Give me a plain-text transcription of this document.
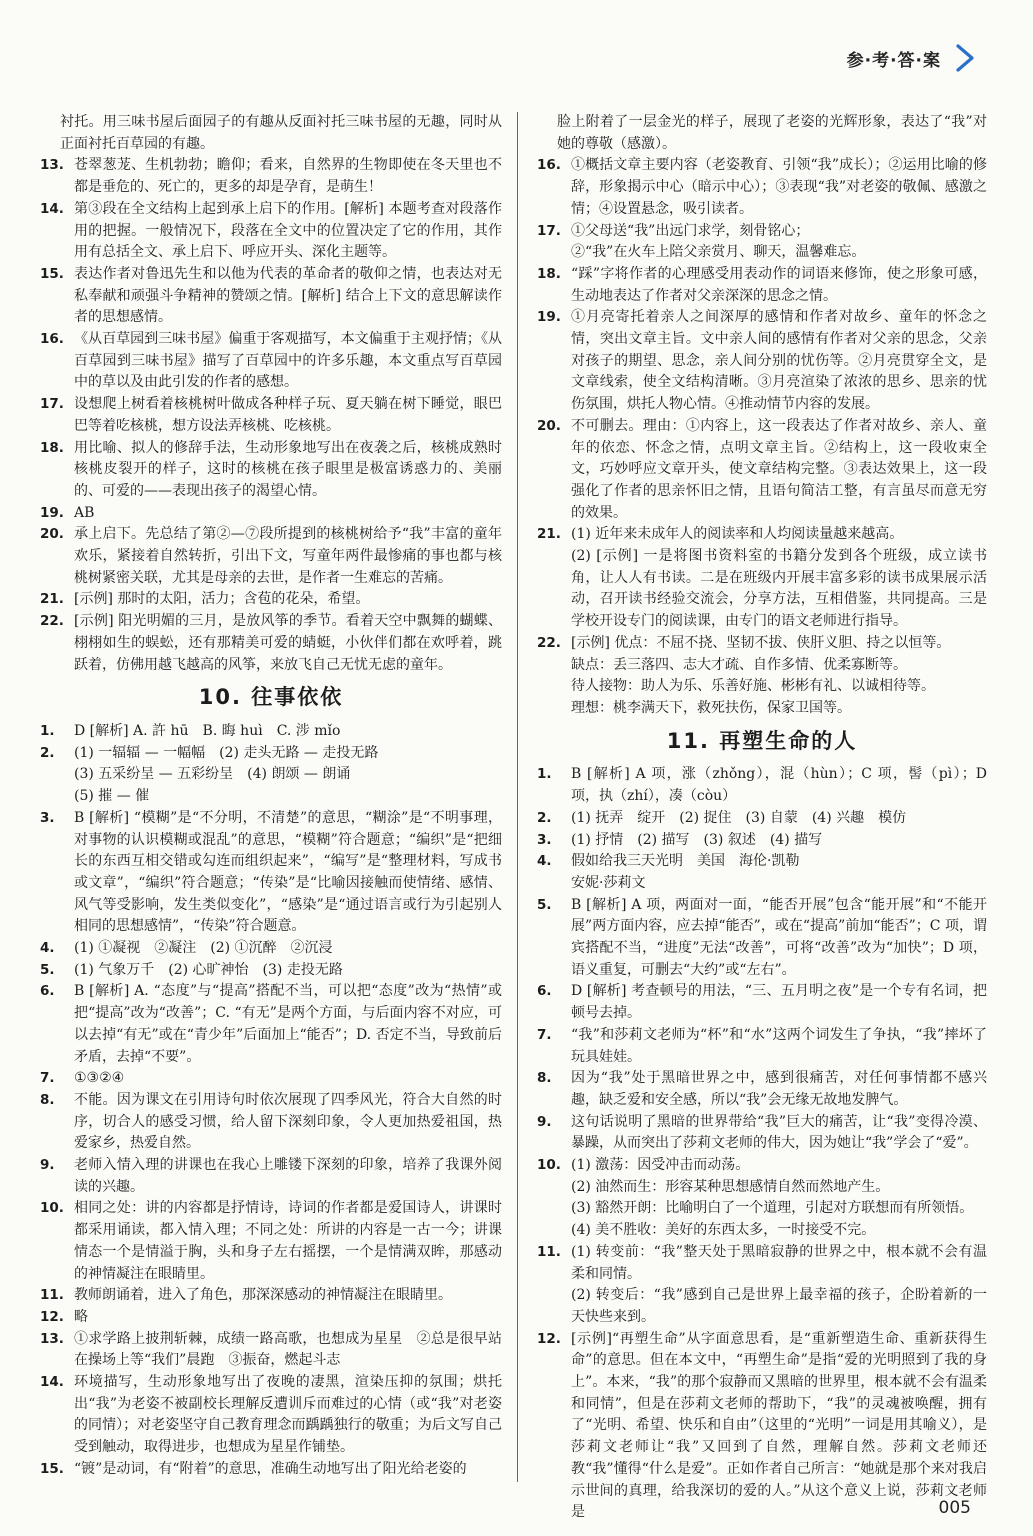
参·考·答·案
衬托。用三味书屋后面园子的有趣从反面衬托三味书屋的无趣，同时从正面衬托百草园的有趣。
13. 苍翠葱茏、生机勃勃；瞻仰；看来，自然界的生物即使在冬天里也不都是垂危的、死亡的，更多的却是孕育，是萌生！
14. 第③段在全文结构上起到承上启下的作用。[解析] 本题考查对段落作用的把握。一般情况下，段落在全文中的位置决定了它的作用，其作用有总括全文、承上启下、呼应开头、深化主题等。
15. 表达作者对鲁迅先生和以他为代表的革命者的敬仰之情，也表达对无私奉献和顽强斗争精神的赞颂之情。[解析] 结合上下文的意思解读作者的思想感情。
16. 《从百草园到三味书屋》偏重于客观描写，本文偏重于主观抒情；《从百草园到三味书屋》描写了百草园中的许多乐趣，本文重点写百草园中的草以及由此引发的作者的感想。
17. 设想爬上树看着核桃树叶做成各种样子玩、夏天躺在树下睡觉，眼巴巴等着吃核桃，想方设法弄核桃、吃核桃。
18. 用比喻、拟人的修辞手法，生动形象地写出在夜袭之后，核桃成熟时核桃皮裂开的样子，这时的核桃在孩子眼里是极富诱惑力的、美丽的、可爱的——表现出孩子的渴望心情。
19. AB
20. 承上启下。先总结了第②—⑦段所提到的核桃树给予“我”丰富的童年欢乐，紧接着自然转折，引出下文，写童年两件最惨痛的事也都与核桃树紧密关联，尤其是母亲的去世，是作者一生难忘的苦痛。
21. [示例] 那时的太阳，活力；含苞的花朵，希望。
22. [示例] 阳光明媚的三月，是放风筝的季节。看着天空中飘舞的蝴蝶、栩栩如生的蜈蚣，还有那精美可爱的蜻蜓，小伙伴们都在欢呼着，跳跃着，仿佛用越飞越高的风筝，来放飞自己无忧无虑的童年。
10. 往事依依
1. D [解析] A. 許 hū　B. 晦 huì　C. 涉 mǐo
2. (1) 一辐辐 — 一幅幅　(2) 走头无路 — 走投无路
(3) 五采纷呈 — 五彩纷呈　(4) 朗颂 — 朗诵
(5) 摧 — 催
3. B [解析] “模糊”是“不分明，不清楚”的意思，“糊涂”是“不明事理，对事物的认识模糊或混乱”的意思，“模糊”符合题意；“编织”是“把细长的东西互相交错或勾连而组织起来”，“编写”是“整理材料，写成书或文章”，“编织”符合题意；“传染”是“比喻因接触而使情绪、感情、风气等受影响，发生类似变化”，“感染”是“通过语言或行为引起别人相同的思想感情”，“传染”符合题意。
4. (1) ①凝视　②凝注　(2) ①沉醉　②沉浸
5. (1) 气象万千　(2) 心旷神怡　(3) 走投无路
6. B [解析] A. “态度”与“提高”搭配不当，可以把“态度”改为“热情”或把“提高”改为“改善”；C. “有无”是两个方面，与后面内容不对应，可以去掉“有无”或在“青少年”后面加上“能否”；D. 否定不当，导致前后矛盾，去掉“不要”。
7. ①③②④
8. 不能。因为课文在引用诗句时依次展现了四季风光，符合大自然的时序，切合人的感受习惯，给人留下深刻印象，令人更加热爱祖国，热爱家乡，热爱自然。
9. 老师入情入理的讲课也在我心上雕镂下深刻的印象，培养了我课外阅读的兴趣。
10. 相同之处：讲的内容都是抒情诗，诗词的作者都是爱国诗人，讲课时都采用诵读，都入情入理；不同之处：所讲的内容是一古一今；讲课情态一个是情溢于胸，头和身子左右摇摆，一个是情满双眸，那感动的神情凝注在眼睛里。
11. 教师朗诵着，进入了角色，那深深感动的神情凝注在眼睛里。
12. 略
13. ①求学路上披荆斩棘，成绩一路高歌，也想成为星星　②总是很早站在操场上等“我们”晨跑　③振奋，燃起斗志
14. 环境描写，生动形象地写出了夜晚的凄黑，渲染压抑的氛围；烘托出“我”为老姿不被副校长理解反遭训斥而难过的心情（或“我”对老姿的同情）；对老姿坚守自己教育理念而踽踽独行的敬重；为后文写自己受到触动，取得进步，也想成为星星作铺垫。
15. “镀”是动词，有“附着”的意思，准确生动地写出了阳光给老姿的
脸上附着了一层金光的样子，展现了老姿的光辉形象，表达了“我”对她的尊敬（感激）。
16. ①概括文章主要内容（老姿教育、引领“我”成长）；②运用比喻的修辞，形象揭示中心（暗示中心）；③表现“我”对老姿的敬佩、感激之情；④设置悬念，吸引读者。
17. ①父母送“我”出远门求学，刻骨铭心；
②“我”在火车上陪父亲赏月、聊天，温馨难忘。
18. “踩”字将作者的心理感受用表动作的词语来修饰，使之形象可感，生动地表达了作者对父亲深深的思念之情。
19. ①月亮寄托着亲人之间深厚的感情和作者对故乡、童年的怀念之情，突出文章主旨。文中亲人间的感情有作者对父亲的思念，父亲对孩子的期望、思念，亲人间分别的忧伤等。②月亮贯穿全文，是文章线索，使全文结构清晰。③月亮渲染了浓浓的思乡、思亲的忧伤氛围，烘托人物心情。④推动情节内容的发展。
20. 不可删去。理由：①内容上，这一段表达了作者对故乡、亲人、童年的依恋、怀念之情，点明文章主旨。②结构上，这一段收束全文，巧妙呼应文章开头，使文章结构完整。③表达效果上，这一段强化了作者的思亲怀旧之情，且语句简洁工整，有言虽尽而意无穷的效果。
21. (1) 近年来未成年人的阅读率和人均阅读量越来越高。
(2) [示例] 一是将图书资料室的书籍分发到各个班级，成立读书角，让人人有书读。二是在班级内开展丰富多彩的读书成果展示活动，召开读书经验交流会，分享方法，互相借鉴，共同提高。三是学校开设专门的阅读课，由专门的语文老师进行指导。
22. [示例] 优点：不屈不挠、坚韧不拔、侠肝义胆、持之以恒等。
缺点：丢三落四、志大才疏、自作多情、优柔寡断等。
待人接物：助人为乐、乐善好施、彬彬有礼、以诚相待等。
理想：桃李满天下，救死扶伤，保家卫国等。
11. 再塑生命的人
1. B [解析] A 项，涨（zhǒng），混（hùn）；C 项，髻（pì）；D 项，执（zhí），凑（còu）
2. (1) 抚弄　绽开　(2) 捉住　(3) 自蒙　(4) 兴趣　模仿
3. (1) 抒情　(2) 描写　(3) 叙述　(4) 描写
4. 假如给我三天光明　美国　海伦·凯勒
安妮·莎莉文
5. B [解析] A 项，两面对一面，“能否开展”包含“能开展”和“不能开展”两方面内容，应去掉“能否”，或在“提高”前加“能否”；C 项，谓宾搭配不当，“进度”无法“改善”，可将“改善”改为“加快”；D 项，语义重复，可删去“大约”或“左右”。
6. D [解析] 考查顿号的用法，“三、五月明之夜”是一个专有名词，把顿号去掉。
7. “我”和莎莉文老师为“杯”和“水”这两个词发生了争执，“我”摔坏了玩具娃娃。
8. 因为“我”处于黑暗世界之中，感到很痛苦，对任何事情都不感兴趣，缺乏爱和安全感，所以“我”会无缘无故地发脾气。
9. 这句话说明了黑暗的世界带给“我”巨大的痛苦，让“我”变得冷漠、暴躁，从而突出了莎莉文老师的伟大，因为她让“我”学会了“爱”。
10. (1) 激荡：因受冲击而动荡。
(2) 油然而生：形容某种思想感情自然而然地产生。
(3) 豁然开朗：比喻明白了一个道理，引起对方联想而有所领悟。
(4) 美不胜收：美好的东西太多，一时接受不完。
11. (1) 转变前：“我”整天处于黑暗寂静的世界之中，根本就不会有温柔和同情。
(2) 转变后：“我”感到自己是世界上最幸福的孩子，企盼着新的一天快些来到。
12. [示例]“再塑生命”从字面意思看，是“重新塑造生命、重新获得生命”的意思。但在本文中，“再塑生命”是指“爱的光明照到了我的身上”。本来，“我”的那个寂静而又黑暗的世界里，根本就不会有温柔和同情”，但是在莎莉文老师的帮助下，“我”的灵魂被唤醒，拥有了“光明、希望、快乐和自由”（这里的“光明”一词是用其喻义），是莎莉文老师让“我”又回到了自然，理解自然。莎莉文老师还教“我”懂得“什么是爱”。正如作者自己所言：“她就是那个来对我启示世间的真理，给我深切的爱的人。”从这个意义上说，莎莉文老师是	005
